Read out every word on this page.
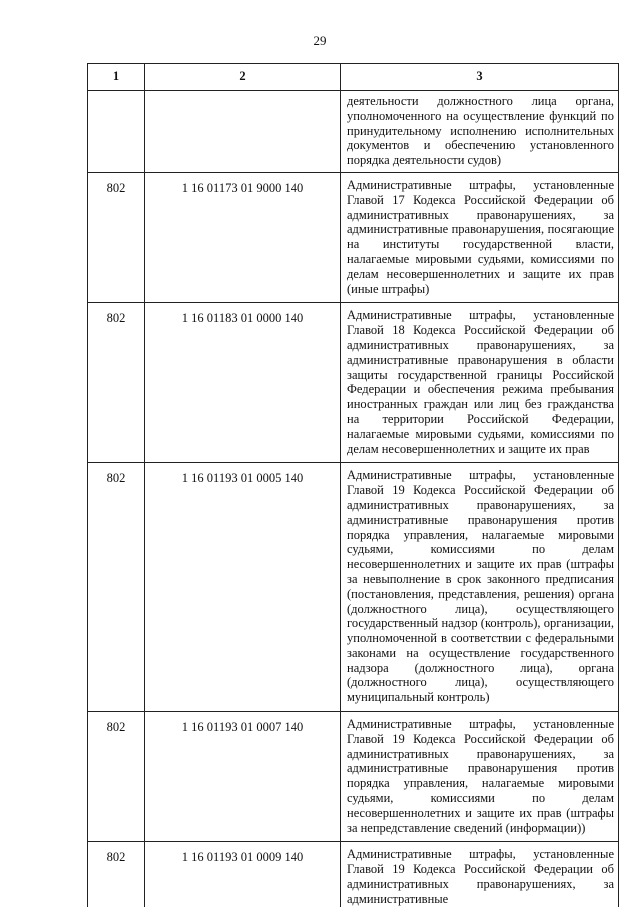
29
1	2	3
		деятельности должностного лица органа, уполномоченного на осуществление функций по принудительному исполнению исполнительных документов и обеспечению установленного порядка деятельности судов)
802	1 16 01173 01 9000 140	Административные штрафы, установленные Главой 17 Кодекса Российской Федерации об административных правонарушениях, за административные правонарушения, посягающие на институты государственной власти, налагаемые мировыми судьями, комиссиями по делам несовершеннолетних и защите их прав (иные штрафы)
802	1 16 01183 01 0000 140	Административные штрафы, установленные Главой 18 Кодекса Российской Федерации об административных правонарушениях, за административные правонарушения в области защиты государственной границы Российской Федерации и обеспечения режима пребывания иностранных граждан или лиц без гражданства на территории Российской Федерации, налагаемые мировыми судьями, комиссиями по делам несовершеннолетних и защите их прав
802	1 16 01193 01 0005 140	Административные штрафы, установленные Главой 19 Кодекса Российской Федерации об административных правонарушениях, за административные правонарушения против порядка управления, налагаемые мировыми судьями, комиссиями по делам несовершеннолетних и защите их прав (штрафы за невыполнение в срок законного предписания (постановления, представления, решения) органа (должностного лица), осуществляющего государственный надзор (контроль), организации, уполномоченной в соответствии с федеральными законами на осуществление государственного надзора (должностного лица), органа (должностного лица), осуществляющего муниципальный контроль)
802	1 16 01193 01 0007 140	Административные штрафы, установленные Главой 19 Кодекса Российской Федерации об административных правонарушениях, за административные правонарушения против порядка управления, налагаемые мировыми судьями, комиссиями по делам несовершеннолетних и защите их прав (штрафы за непредставление сведений (информации))
802	1 16 01193 01 0009 140	Административные штрафы, установленные Главой 19 Кодекса Российской Федерации об административных правонарушениях, за административные
